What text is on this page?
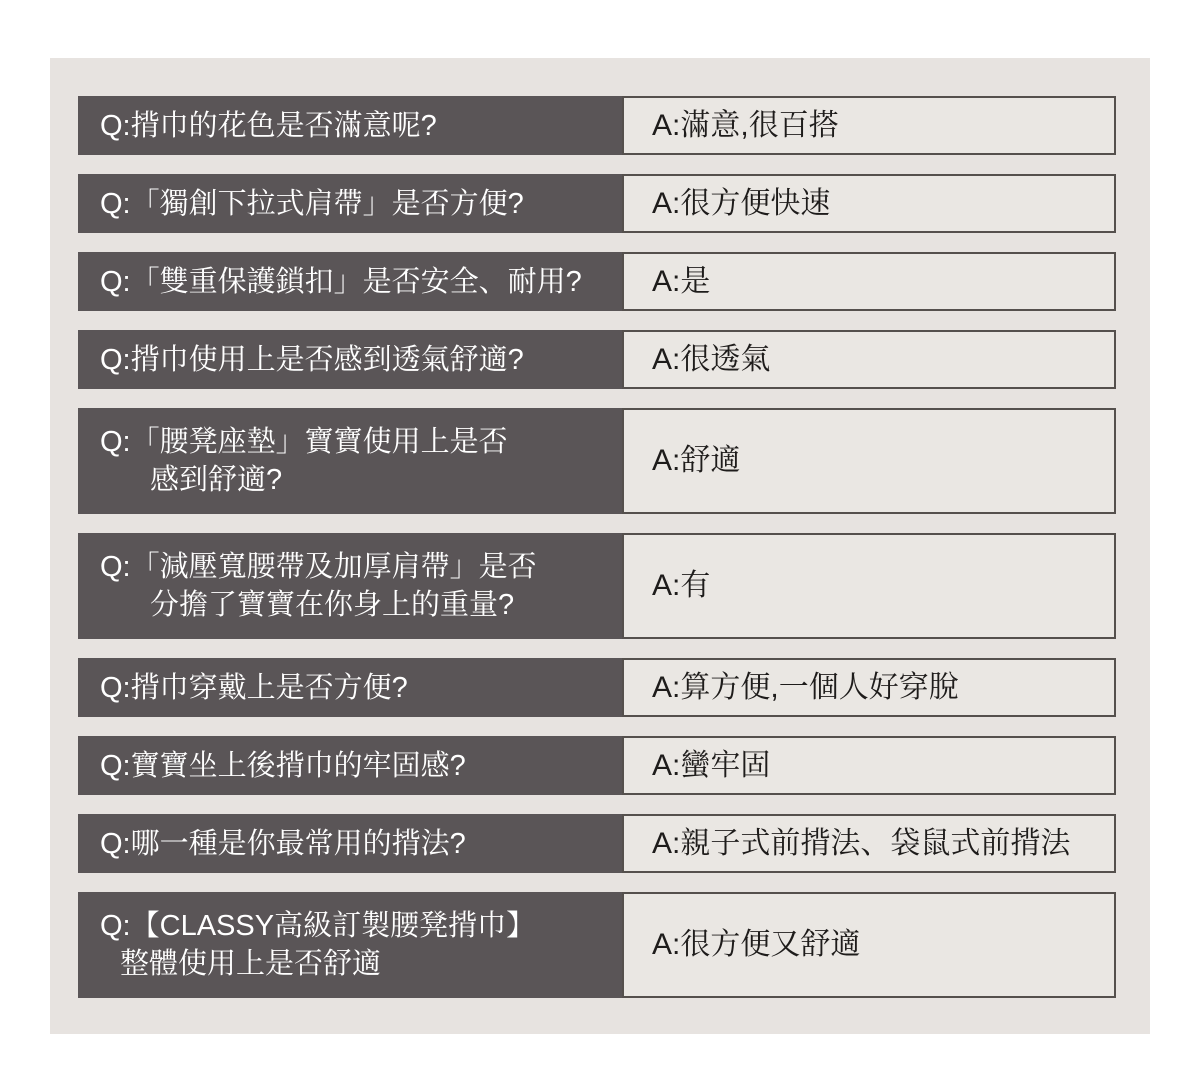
Q:揹巾的花色是否滿意呢?	A:滿意,很百搭
Q:「獨創下拉式肩帶」是否方便?	A:很方便快速
Q:「雙重保護鎖扣」是否安全、耐用?	A:是
Q:揹巾使用上是否感到透氣舒適?	A:很透氣
Q:「腰凳座墊」寶寶使用上是否
感到舒適?
A:舒適
Q:「減壓寬腰帶及加厚肩帶」是否
分擔了寶寶在你身上的重量?
A:有
Q:揹巾穿戴上是否方便?	A:算方便,一個人好穿脫
Q:寶寶坐上後揹巾的牢固感?	A:蠻牢固
Q:哪一種是你最常用的揹法?	A:親子式前揹法、袋鼠式前揹法
Q:【CLASSY高級訂製腰凳揹巾】
整體使用上是否舒適
A:很方便又舒適
